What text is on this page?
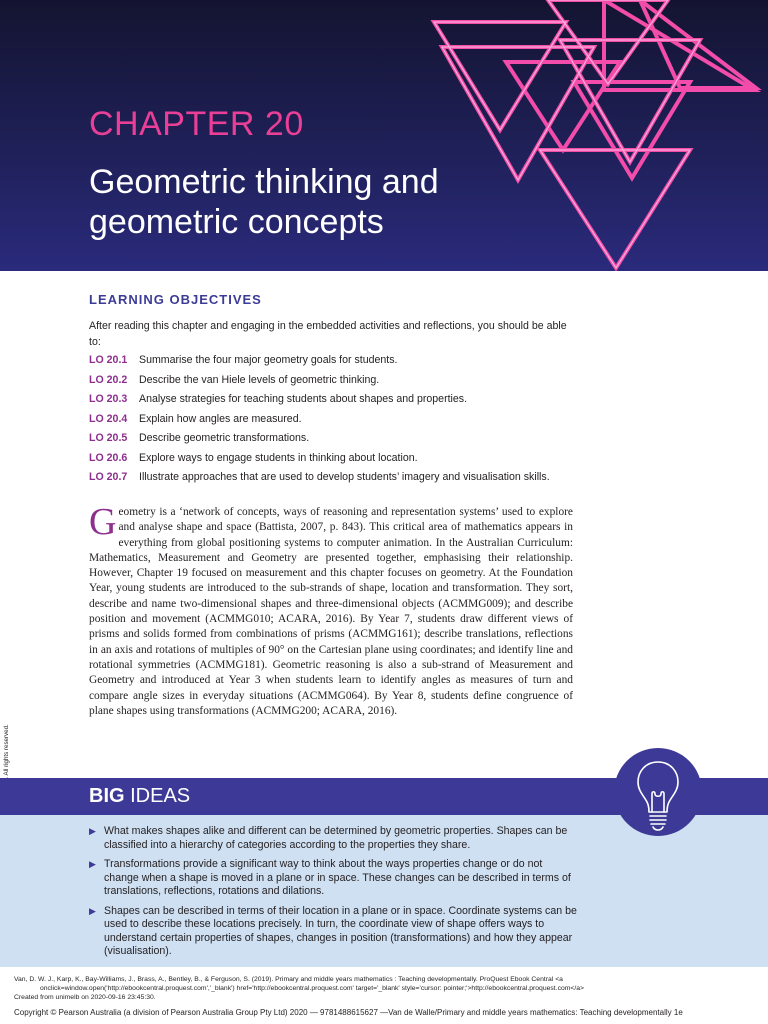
CHAPTER 20
Geometric thinking and
geometric concepts
LEARNING OBJECTIVES
After reading this chapter and engaging in the embedded activities and reflections, you should be able to:
LO 20.1 Summarise the four major geometry goals for students.
LO 20.2 Describe the van Hiele levels of geometric thinking.
LO 20.3 Analyse strategies for teaching students about shapes and properties.
LO 20.4 Explain how angles are measured.
LO 20.5 Describe geometric transformations.
LO 20.6 Explore ways to engage students in thinking about location.
LO 20.7 Illustrate approaches that are used to develop students’ imagery and visualisation skills.
Geometry is a ‘network of concepts, ways of reasoning and representation systems’ used to explore and analyse shape and space (Battista, 2007, p. 843). This critical area of mathematics appears in everything from global positioning systems to computer animation. In the Australian Curriculum: Mathematics, Measurement and Geometry are presented together, emphasising their relationship. However, Chapter 19 focused on measurement and this chapter focuses on geometry. At the Foundation Year, young students are introduced to the sub-strands of shape, location and transformation. They sort, describe and name two-dimensional shapes and three-dimensional objects (ACMMG009); and describe position and movement (ACMMG010; ACARA, 2016). By Year 7, students draw different views of prisms and solids formed from combinations of prisms (ACMMG161); describe translations, reflections in an axis and rotations of multiples of 90° on the Cartesian plane using coordinates; and identify line and rotational symmetries (ACMMG181). Geometric reasoning is also a sub-strand of Measurement and Geometry and introduced at Year 3 when students learn to identify angles as measures of turn and compare angle sizes in everyday situations (ACMMG064). By Year 8, students define congruence of plane shapes using transformations (ACMMG200; ACARA, 2016).
BIG IDEAS
▶ What makes shapes alike and different can be determined by geometric properties. Shapes can be classified into a hierarchy of categories according to the properties they share.
▶ Transformations provide a significant way to think about the ways properties change or do not change when a shape is moved in a plane or in space. These changes can be described in terms of translations, reflections, rotations and dilations.
▶ Shapes can be described in terms of their location in a plane or in space. Coordinate systems can be used to describe these locations precisely. In turn, the coordinate view of shape offers ways to understand certain properties of shapes, changes in position (transformations) and how they appear (visualisation).
Van, D. W. J., Karp, K., Bay-Williams, J., Brass, A., Bentley, B., & Ferguson, S. (2019). Primary and middle years mathematics : Teaching developmentally. ProQuest Ebook Central <a
onclick=window.open('http://ebookcentral.proquest.com','_blank') href='http://ebookcentral.proquest.com' target='_blank' style='cursor: pointer;'>http://ebookcentral.proquest.com</a>
Created from unimelb on 2020-09-16 23:45:30.
Copyright © Pearson Australia (a division of Pearson Australia Group Pty Ltd) 2020 — 9781488615627 —Van de Walle/Primary and middle years mathematics: Teaching developmentally 1e
